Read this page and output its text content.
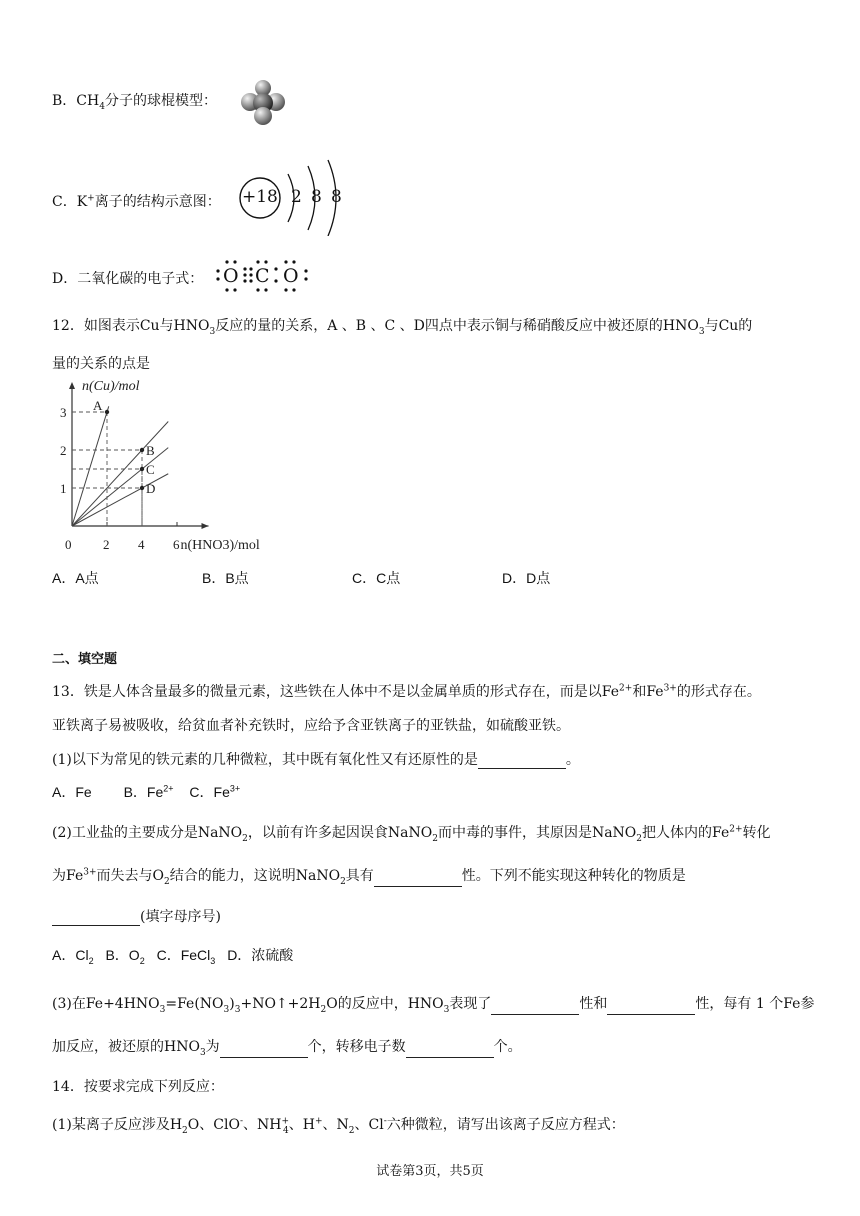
B．$CH_4$分子的球棍模型：
C．K+离子的结构示意图： +18 2 8 8
D．二氧化碳的电子式： O C O
12．如图表示Cu与$HNO_3$反应的量的关系，A 、B 、C 、D四点中表示铜与稀硝酸反应中被还原的$HNO_3$与Cu的
量的关系的点是
0 2 4 6
1
2
3
n(Cu)/mol
n(HNO3)/mol
A
B
C
D
A．A点	B．B点	C．C点	D．D点
二、填空题
13．铁是人体含量最多的微量元素，这些铁在人体中不是以金属单质的形式存在，而是以$Fe^{2+}$和$Fe^{3+}$的形式存在。
亚铁离子易被吸收，给贫血者补充铁时，应给予含亚铁离子的亚铁盐，如硫酸亚铁。
(1)以下为常见的铁元素的几种微粒，其中既有氧化性又有还原性的是	。
A．Fe B．$Fe^{2+}$ C．$Fe^{3+}$
(2)工业盐的主要成分是NaNO$_2$，以前有许多起因误食NaNO$_2$而中毒的事件，其原因是NaNO$_2$把人体内的$Fe^{2+}$转化
为$Fe^{3+}$而失去与$O_2$结合的能力，这说明NaNO$_2$具有	性。下列不能实现这种转化的物质是
(填字母序号)
A．$Cl_2$ B．$O_2$ C．FeCl$_3$ D．浓硫酸
(3)在$Fe+4HNO_3=Fe(NO_3)_3+NO↑+2H_2O$的反应中，$HNO_3$表现了	性和	性，每有 1 个Fe参
加反应，被还原的$HNO_3$为	个，转移电子数	个。
14．按要求完成下列反应：
(1)某离子反应涉及$H_2O$、ClO-、$NH^+_4$、H+、$N_2$、Cl-六种微粒，请写出该离子反应方程式：
试卷第3页，共5页
